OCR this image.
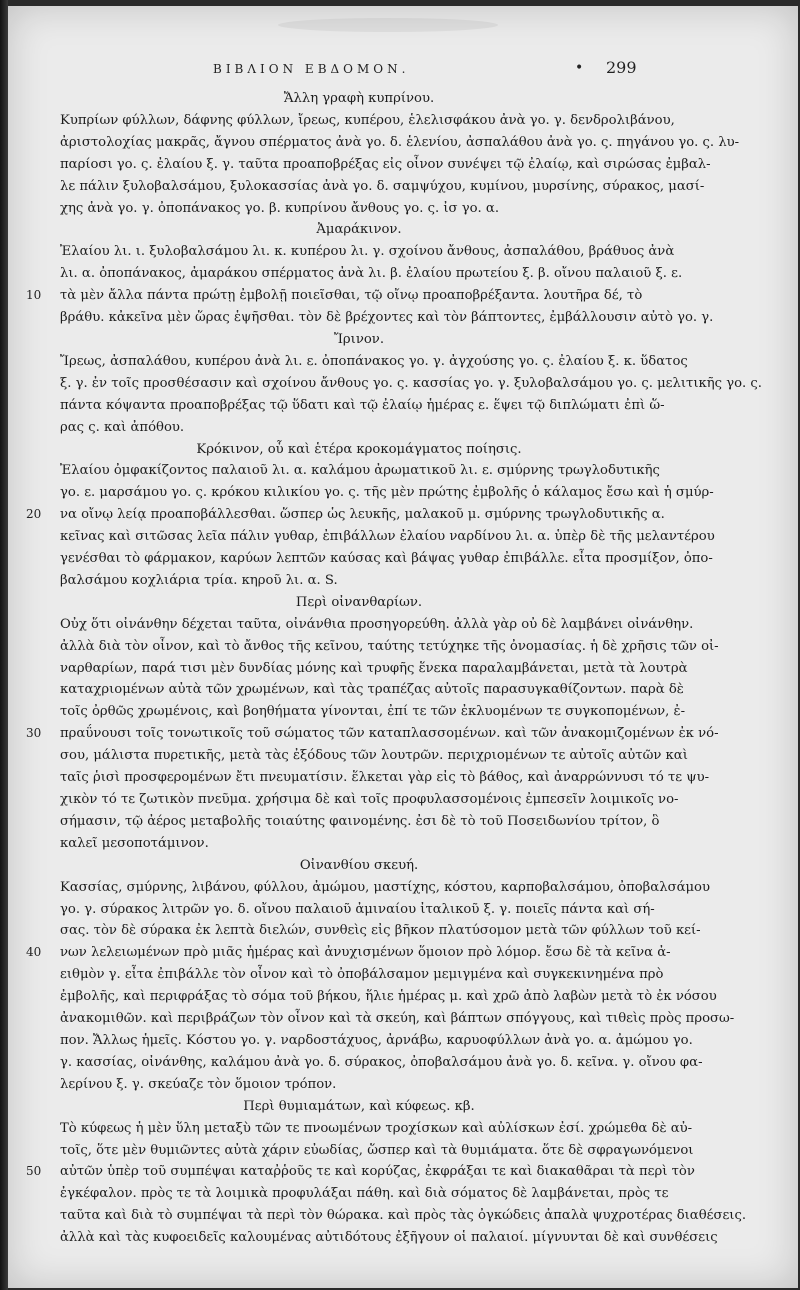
ΒΙΒΛΙΟΝ ΕΒΔΟΜΟΝ.	• 299
Ἄλλη γραφὴ κυπρίνου.
Κυπρίων φύλλων, δάφνης φύλλων, ἴρεως, κυπέρου, ἑλελισφάκου ἀνὰ γο. γ. δενδρολιβάνου,
ἀριστολοχίας μακρᾶς, ἄγνου σπέρματος ἀνὰ γο. δ. ἑλενίου, ἀσπαλάθου ἀνὰ γο. ς. πηγάνου γο. ς. λυ-
παρίοσι γο. ς. ἐλαίου ξ. γ. ταῦτα προαποβρέξας εἰς οἶνον συνέψει τῷ ἐλαίῳ, καὶ σιρώσας ἐμβαλ-
λε πάλιν ξυλοβαλσάμου, ξυλοκασσίας ἀνὰ γο. δ. σαμψύχου, κυμίνου, μυρσίνης, σύρακος, μασί-
χης ἀνὰ γο. γ. ὀποπάνακος γο. β. κυπρίνου ἄνθους γο. ς. ἰσ γο. α.
Ἀμαράκινον.
Ἐλαίου λι. ι. ξυλοβαλσάμου λι. κ. κυπέρου λι. γ. σχοίνου ἄνθους, ἀσπαλάθου, βράθυος ἀνὰ
λι. α. ὀποπάνακος, ἀμαράκου σπέρματος ἀνὰ λι. β. ἐλαίου πρωτείου ξ. β. οἴνου παλαιοῦ ξ. ε.
τὰ μὲν ἄλλα πάντα πρώτῃ ἐμβολῇ ποιεῖσθαι, τῷ οἴνῳ προαποβρέξαντα. λουτῆρα δέ, τὸ
10
βράθυ. κἀκεῖνα μὲν ὥρας ἑψῆσθαι. τὸν δὲ βρέχοντες καὶ τὸν βάπτοντες, ἐμβάλλουσιν αὐτὸ γο. γ.
Ἴρινον.
Ἴρεως, ἀσπαλάθου, κυπέρου ἀνὰ λι. ε. ὀποπάνακος γο. γ. ἀγχούσης γο. ς. ἐλαίου ξ. κ. ὕδατος
ξ. γ. ἐν τοῖς προσθέσασιν καὶ σχοίνου ἄνθους γο. ς. κασσίας γο. γ. ξυλοβαλσάμου γο. ς. μελιτικῆς γο. ς.
πάντα κόψαντα προαποβρέξας τῷ ὕδατι καὶ τῷ ἐλαίῳ ἡμέρας ε. ἕψει τῷ διπλώματι ἐπὶ ὥ-
ρας ς. καὶ ἀπόθου.
Κρόκινον, οὗ καὶ ἑτέρα κροκομάγματος ποίησις.
Ἐλαίου ὀμφακίζοντος παλαιοῦ λι. α. καλάμου ἀρωματικοῦ λι. ε. σμύρνης τρωγλοδυτικῆς
γο. ε. μαρσάμου γο. ς. κρόκου κιλικίου γο. ς. τῆς μὲν πρώτης ἐμβολῆς ὁ κάλαμος ἔσω καὶ ἡ σμύρ-
να οἴνῳ λείᾳ προαποβάλλεσθαι. ὥσπερ ὡς λευκῆς, μαλακοῦ μ. σμύρνης τρωγλοδυτικῆς α.
20
κεῖνας καὶ σιτῶσας λεῖα πάλιν γυθαρ, ἐπιβάλλων ἐλαίου ναρδίνου λι. α. ὑπὲρ δὲ τῆς μελαντέρου
γενέσθαι τὸ φάρμακον, καρύων λεπτῶν καύσας καὶ βάψας γυθαρ ἐπιβάλλε. εἶτα προσμίξον, ὀπο-
βαλσάμου κοχλιάρια τρία. κηροῦ λι. α. S.
Περὶ οἰνανθαρίων.
Οὐχ ὅτι οἰνάνθην δέχεται ταῦτα, οἰνάνθια προσηγορεύθη. ἀλλὰ γὰρ οὐ δὲ λαμβάνει οἰνάνθην.
ἀλλὰ διὰ τὸν οἶνον, καὶ τὸ ἄνθος τῆς κεῖνου, ταύτης τετύχηκε τῆς ὀνομασίας. ἡ δὲ χρῆσις τῶν οἰ-
ναρθαρίων, παρά τισι μὲν δυνδίας μόνης καὶ τρυφῆς ἕνεκα παραλαμβάνεται, μετὰ τὰ λουτρὰ
καταχριομένων αὐτὰ τῶν χρωμένων, καὶ τὰς τραπέζας αὐτοῖς παρασυγκαθίζοντων. παρὰ δὲ
τοῖς ὀρθῶς χρωμένοις, καὶ βοηθήματα γίνονται, ἐπί τε τῶν ἐκλυομένων τε συγκοπομένων, ἐ-
πραΰνουσι τοῖς τονωτικοῖς τοῦ σώματος τῶν καταπλασσομένων. καὶ τῶν ἀνακομιζομένων ἐκ νό-
30
σου, μάλιστα πυρετικῆς, μετὰ τὰς ἐξόδους τῶν λουτρῶν. περιχριομένων τε αὐτοῖς αὐτῶν καὶ
ταῖς ῥισὶ προσφερομένων ἔτι πνευματίσιν. ἕλκεται γὰρ εἰς τὸ βάθος, καὶ ἀναρρώννυσι τό τε ψυ-
χικὸν τό τε ζωτικὸν πνεῦμα. χρήσιμα δὲ καὶ τοῖς προφυλασσομένοις ἐμπεσεῖν λοιμικοῖς νο-
σήμασιν, τῷ ἀέρος μεταβολῆς τοιαύτης φαινομένης. ἐσι δὲ τὸ τοῦ Ποσειδωνίου τρίτον, ὃ
καλεῖ μεσοποτάμινον.
Οἰνανθίου σκευή.
Κασσίας, σμύρνης, λιβάνου, φύλλου, ἀμώμου, μαστίχης, κόστου, καρποβαλσάμου, ὀποβαλσάμου
γο. γ. σύρακος λιτρῶν γο. δ. οἴνου παλαιοῦ ἀμιναίου ἰταλικοῦ ξ. γ. ποιεῖς πάντα καὶ σή-
σας. τὸν δὲ σύρακα ἐκ λεπτὰ διελών, συνθεὶς εἰς βῆκον πλατύσομον μετὰ τῶν φύλλων τοῦ κεί-
νων λελειωμένων πρὸ μιᾶς ἡμέρας καὶ ἀνυχισμένων ὅμοιον πρὸ λόμορ. ἔσω δὲ τὰ κεῖνα ἀ-
40
ειθμὸν γ. εἶτα ἐπιβάλλε τὸν οἶνον καὶ τὸ ὀποβάλσαμον μεμιγμένα καὶ συγκεκινημένα πρὸ
ἐμβολῆς, καὶ περιφράξας τὸ σόμα τοῦ βήκου, ἥλιε ἡμέρας μ. καὶ χρῶ ἀπὸ λαβὼν μετὰ τὸ ἐκ νόσου
ἀνακομιθῶν. καὶ περιβράζων τὸν οἶνον καὶ τὰ σκεύη, καὶ βάπτων σπόγγους, καὶ τιθεὶς πρὸς προσω-
πον. Ἄλλως ἡμεῖς. Κόστου γο. γ. ναρδοστάχυος, ἀρνάβω, καρυοφύλλων ἀνὰ γο. α. ἀμώμου γο.
γ. κασσίας, οἰνάνθης, καλάμου ἀνὰ γο. δ. σύρακος, ὀποβαλσάμου ἀνὰ γο. δ. κεῖνα. γ. οἴνου φα-
λερίνου ξ. γ. σκεύαζε τὸν ὅμοιον τρόπον.
Περὶ θυμιαμάτων, καὶ κύφεως. κβ.
Τὸ κύφεως ἡ μὲν ὕλη μεταξὺ τῶν τε πνοωμένων τροχίσκων καὶ αὐλίσκων ἐσί. χρώμεθα δὲ αὐ-
τοῖς, ὅτε μὲν θυμιῶντες αὐτὰ χάριν εὐωδίας, ὥσπερ καὶ τὰ θυμιάματα. ὅτε δὲ σφραγωνόμενοι
αὐτῶν ὑπὲρ τοῦ συμπέψαι καταῤῥοῦς τε καὶ κορύζας, ἐκφράξαι τε καὶ διακαθᾶραι τὰ περὶ τὸν
50
ἐγκέφαλον. πρὸς τε τὰ λοιμικὰ προφυλάξαι πάθη. καὶ διὰ σόματος δὲ λαμβάνεται, πρὸς τε
ταῦτα καὶ διὰ τὸ συμπέψαι τὰ περὶ τὸν θώρακα. καὶ πρὸς τὰς ὀγκώδεις ἀπαλὰ ψυχροτέρας διαθέσεις.
ἀλλὰ καὶ τὰς κυφοειδεῖς καλουμένας αὐτιδότους ἐξῆγουν οἱ παλαιοί. μίγνυνται δὲ καὶ συνθέσεις
